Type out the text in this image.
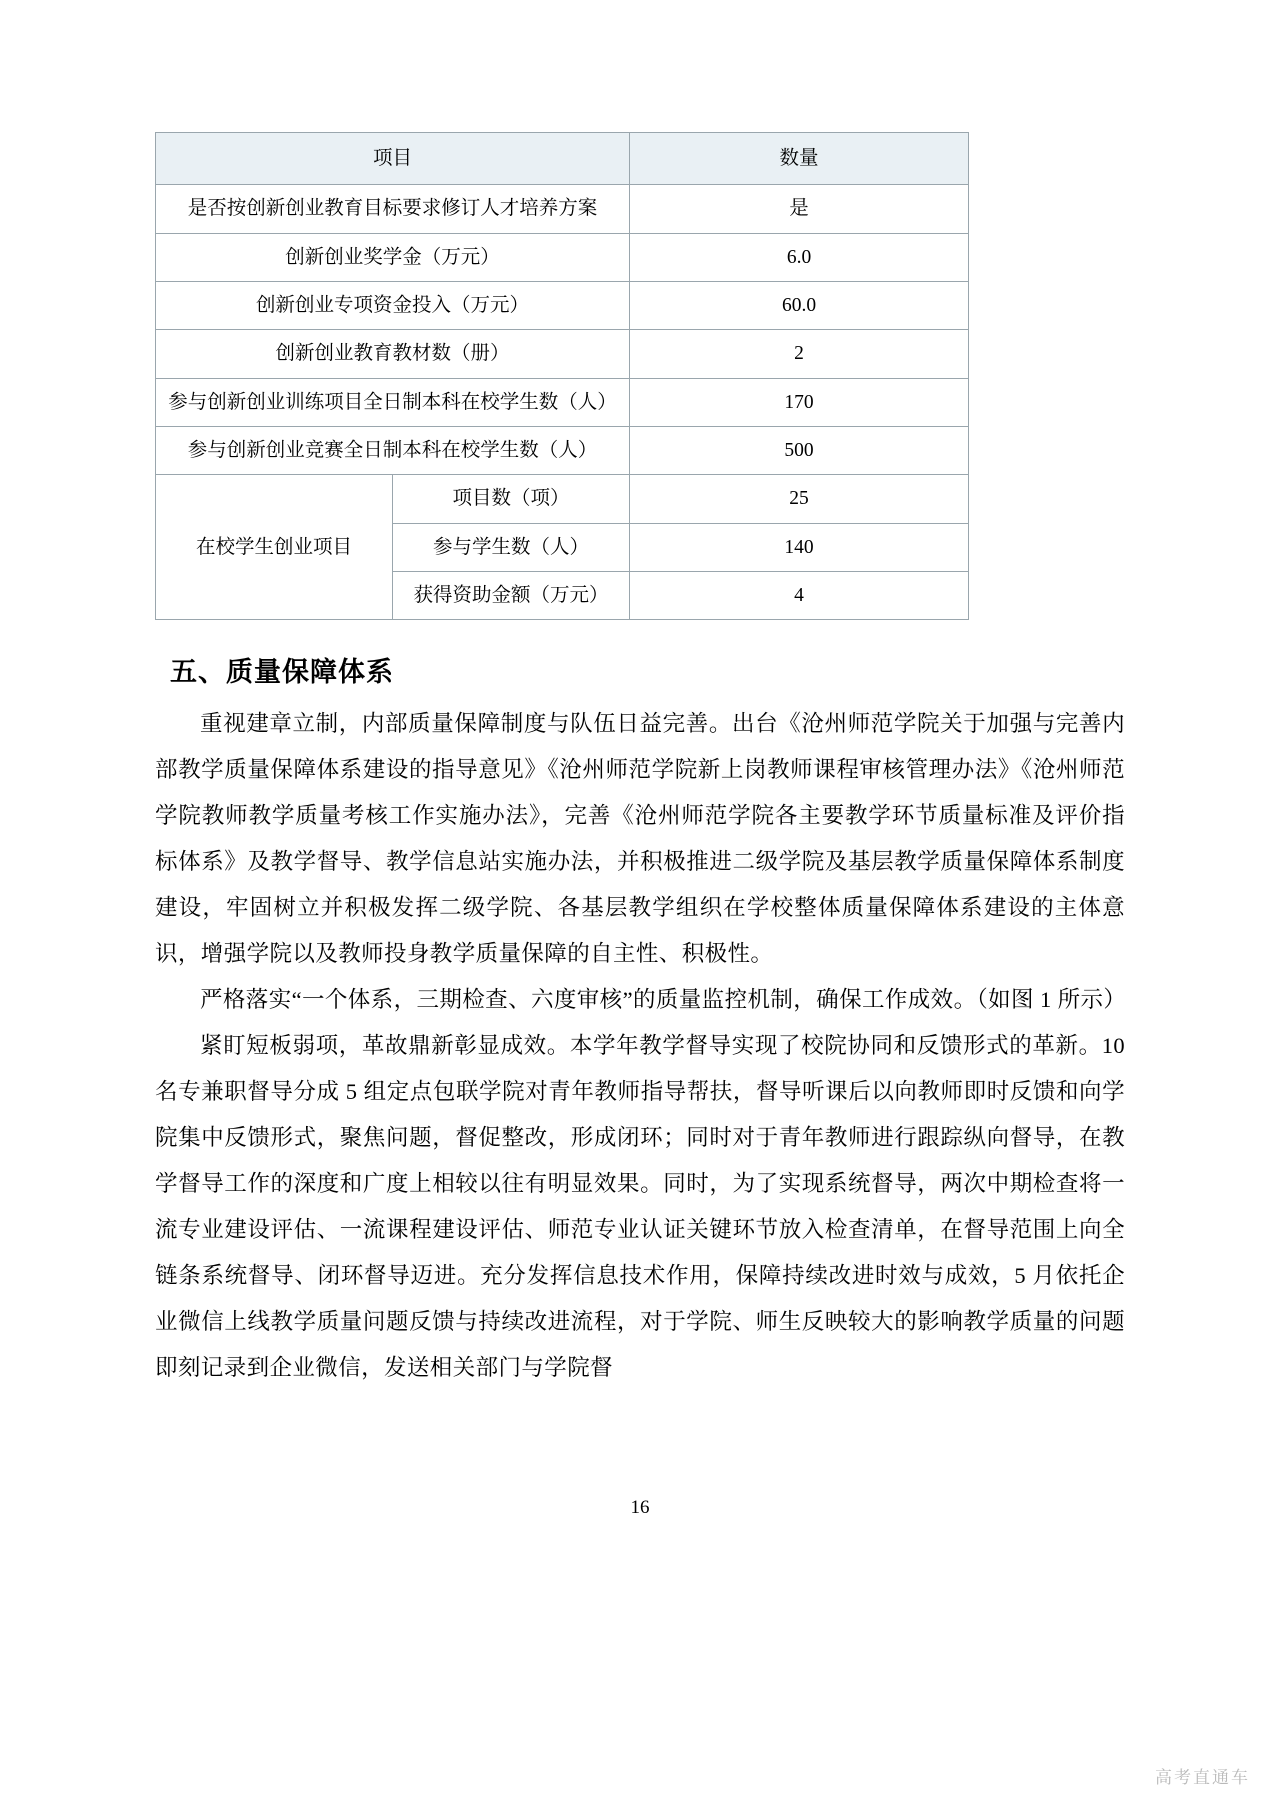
项目		数量
是否按创新创业教育目标要求修订人才培养方案		是
创新创业奖学金（万元）		6.0
创新创业专项资金投入（万元）		60.0
创新创业教育教材数（册）		2
参与创新创业训练项目全日制本科在校学生数（人）		170
参与创新创业竞赛全日制本科在校学生数（人）		500
在校学生创业项目	项目数（项）	25
	参与学生数（人）	140
	获得资助金额（万元）	4
五、质量保障体系

重视建章立制，内部质量保障制度与队伍日益完善。出台《沧州师范学院关于加强与完善内部教学质量保障体系建设的指导意见》《沧州师范学院新上岗教师课程审核管理办法》《沧州师范学院教师教学质量考核工作实施办法》，完善《沧州师范学院各主要教学环节质量标准及评价指标体系》及教学督导、教学信息站实施办法，并积极推进二级学院及基层教学质量保障体系制度建设，牢固树立并积极发挥二级学院、各基层教学组织在学校整体质量保障体系建设的主体意识，增强学院以及教师投身教学质量保障的自主性、积极性。

严格落实“一个体系，三期检查、六度审核”的质量监控机制，确保工作成效。（如图 1 所示）

紧盯短板弱项，革故鼎新彰显成效。本学年教学督导实现了校院协同和反馈形式的革新。10 名专兼职督导分成 5 组定点包联学院对青年教师指导帮扶，督导听课后以向教师即时反馈和向学院集中反馈形式，聚焦问题，督促整改，形成闭环；同时对于青年教师进行跟踪纵向督导，在教学督导工作的深度和广度上相较以往有明显效果。同时，为了实现系统督导，两次中期检查将一流专业建设评估、一流课程建设评估、师范专业认证关键环节放入检查清单，在督导范围上向全链条系统督导、闭环督导迈进。充分发挥信息技术作用，保障持续改进时效与成效，5 月依托企业微信上线教学质量问题反馈与持续改进流程，对于学院、师生反映较大的影响教学质量的问题即刻记录到企业微信，发送相关部门与学院督

16
高考直通车
